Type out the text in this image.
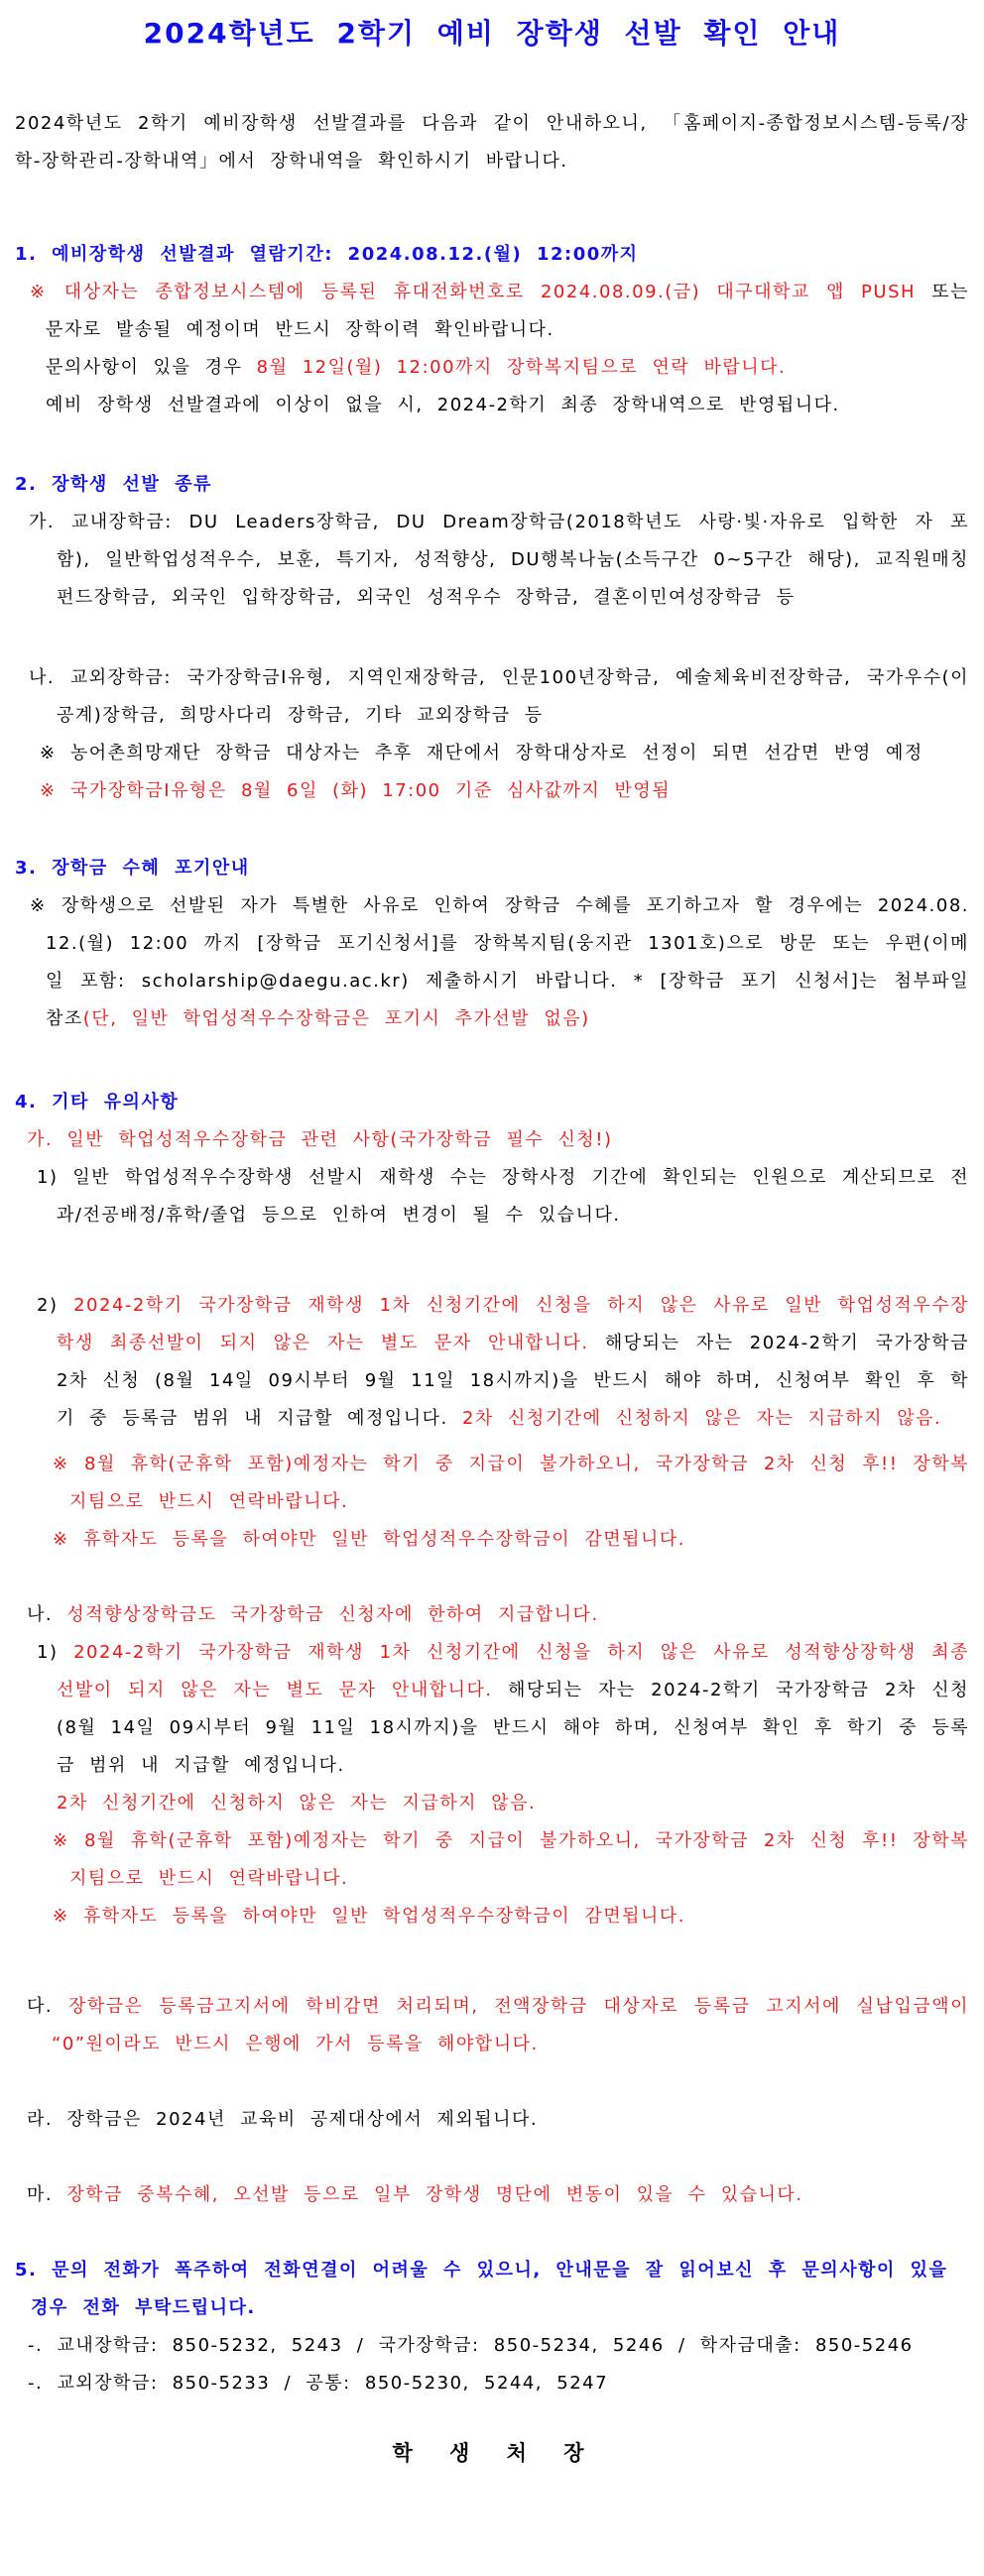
2024학년도 2학기 예비 장학생 선발 확인 안내

2024학년도 2학기 예비장학생 선발결과를 다음과 같이 안내하오니, 「홈페이지-종합정보시스템-등록/장학-장학관리-장학내역」에서 장학내역을 확인하시기 바랍니다.

1. 예비장학생 선발결과 열람기간: 2024.08.12.(월) 12:00까지

※ 대상자는 종합정보시스템에 등록된 휴대전화번호로 2024.08.09.(금) 대구대학교 앱 PUSH 또는 문자로 발송될 예정이며 반드시 장학이력 확인바랍니다.

문의사항이 있을 경우 8월 12일(월) 12:00까지 장학복지팀으로 연락 바랍니다.

예비 장학생 선발결과에 이상이 없을 시, 2024-2학기 최종 장학내역으로 반영됩니다.

2. 장학생 선발 종류

가. 교내장학금: DU Leaders장학금, DU Dream장학금(2018학년도 사랑·빛·자유로 입학한 자 포함), 일반학업성적우수, 보훈, 특기자, 성적향상, DU행복나눔(소득구간 0~5구간 해당), 교직원매칭펀드장학금, 외국인 입학장학금, 외국인 성적우수 장학금, 결혼이민여성장학금 등

나. 교외장학금: 국가장학금I유형, 지역인재장학금, 인문100년장학금, 예술체육비전장학금, 국가우수(이공계)장학금, 희망사다리 장학금, 기타 교외장학금 등

※ 농어촌희망재단 장학금 대상자는 추후 재단에서 장학대상자로 선정이 되면 선감면 반영 예정

※ 국가장학금I유형은 8월 6일 (화) 17:00 기준 심사값까지 반영됨

3. 장학금 수혜 포기안내

※ 장학생으로 선발된 자가 특별한 사유로 인하여 장학금 수혜를 포기하고자 할 경우에는 2024.08.12.(월) 12:00 까지 [장학금 포기신청서]를 장학복지팀(웅지관 1301호)으로 방문 또는 우편(이메일 포함: scholarship@daegu.ac.kr) 제출하시기 바랍니다. * [장학금 포기 신청서]는 첨부파일 참조(단, 일반 학업성적우수장학금은 포기시 추가선발 없음)

4. 기타 유의사항

가. 일반 학업성적우수장학금 관련 사항(국가장학금 필수 신청!)

1) 일반 학업성적우수장학생 선발시 재학생 수는 장학사정 기간에 확인되는 인원으로 계산되므로 전과/전공배정/휴학/졸업 등으로 인하여 변경이 될 수 있습니다.

2) 2024-2학기 국가장학금 재학생 1차 신청기간에 신청을 하지 않은 사유로 일반 학업성적우수장학생 최종선발이 되지 않은 자는 별도 문자 안내합니다. 해당되는 자는 2024-2학기 국가장학금 2차 신청 (8월 14일 09시부터 9월 11일 18시까지)을 반드시 해야 하며, 신청여부 확인 후 학기 중 등록금 범위 내 지급할 예정입니다. 2차 신청기간에 신청하지 않은 자는 지급하지 않음.

※ 8월 휴학(군휴학 포함)예정자는 학기 중 지급이 불가하오니, 국가장학금 2차 신청 후!! 장학복지팀으로 반드시 연락바랍니다.

※ 휴학자도 등록을 하여야만 일반 학업성적우수장학금이 감면됩니다.

나. 성적향상장학금도 국가장학금 신청자에 한하여 지급합니다.

1) 2024-2학기 국가장학금 재학생 1차 신청기간에 신청을 하지 않은 사유로 성적향상장학생 최종선발이 되지 않은 자는 별도 문자 안내합니다. 해당되는 자는 2024-2학기 국가장학금 2차 신청 (8월 14일 09시부터 9월 11일 18시까지)을 반드시 해야 하며, 신청여부 확인 후 학기 중 등록금 범위 내 지급할 예정입니다.

2차 신청기간에 신청하지 않은 자는 지급하지 않음.

※ 8월 휴학(군휴학 포함)예정자는 학기 중 지급이 불가하오니, 국가장학금 2차 신청 후!! 장학복지팀으로 반드시 연락바랍니다.

※ 휴학자도 등록을 하여야만 일반 학업성적우수장학금이 감면됩니다.

다. 장학금은 등록금고지서에 학비감면 처리되며, 전액장학금 대상자로 등록금 고지서에 실납입금액이 “0”원이라도 반드시 은행에 가서 등록을 해야합니다.

라. 장학금은 2024년 교육비 공제대상에서 제외됩니다.

마. 장학금 중복수혜, 오선발 등으로 일부 장학생 명단에 변동이 있을 수 있습니다.

5. 문의 전화가 폭주하여 전화연결이 어려울 수 있으니, 안내문을 잘 읽어보신 후 문의사항이 있을 경우 전화 부탁드립니다.

-. 교내장학금: 850-5232, 5243 / 국가장학금: 850-5234, 5246 / 학자금대출: 850-5246

-. 교외장학금: 850-5233 / 공통: 850-5230, 5244, 5247

학 생 처 장
